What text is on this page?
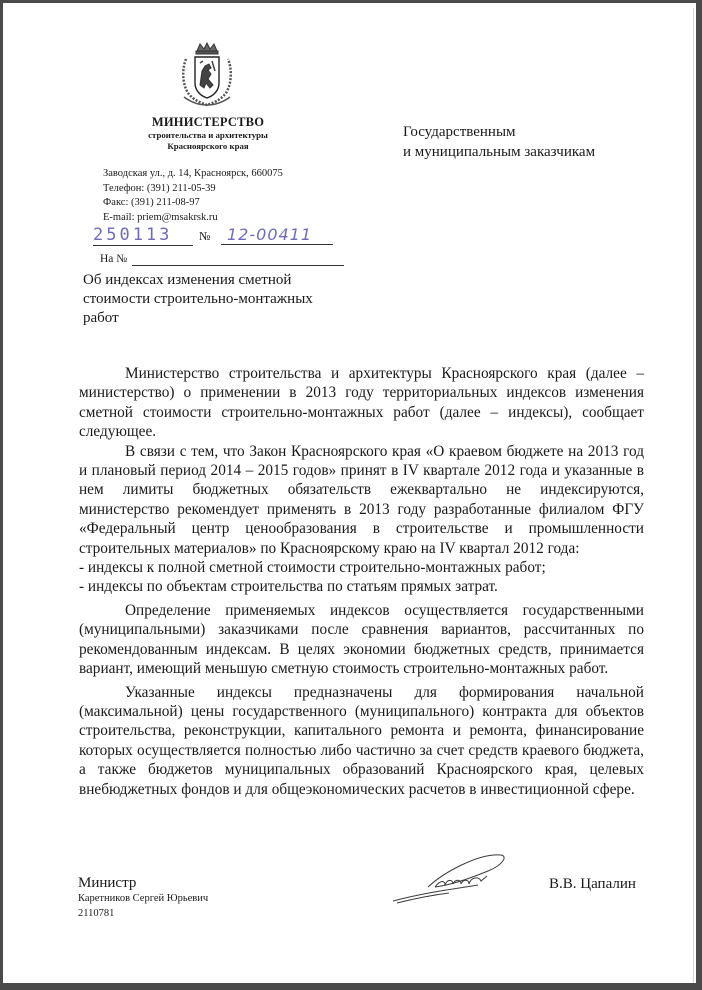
МИНИСТЕРСТВО
строительства и архитектуры
Красноярского края
Заводская ул., д. 14, Красноярск, 660075
Телефон: (391) 211-05-39
Факс: (391) 211-08-97
E-mail: priem@msakrsk.ru
250113	№	12-00411
На №
Об индексах изменения сметной стоимости строительно-монтажных работ
Государственным
и муниципальным заказчикам

Министерство строительства и архитектуры Красноярского края (далее – министерство) о применении в 2013 году территориальных индексов изменения сметной стоимости строительно-монтажных работ (далее – индексы), сообщает следующее.

В связи с тем, что Закон Красноярского края «О краевом бюджете на 2013 год и плановый период 2014 – 2015 годов» принят в IV квартале 2012 года и указанные в нем лимиты бюджетных обязательств ежеквартально не индексируются, министерство рекомендует применять в 2013 году разработанные филиалом ФГУ «Федеральный центр ценообразования в строительстве и промышленности строительных материалов» по Красноярскому краю на IV квартал 2012 года:

- индексы к полной сметной стоимости строительно-монтажных работ;

- индексы по объектам строительства по статьям прямых затрат.

Определение применяемых индексов осуществляется государственными (муниципальными) заказчиками после сравнения вариантов, рассчитанных по рекомендованным индексам. В целях экономии бюджетных средств, принимается вариант, имеющий меньшую сметную стоимость строительно-монтажных работ.

Указанные индексы предназначены для формирования начальной (максимальной) цены государственного (муниципального) контракта для объектов строительства, реконструкции, капитального ремонта и ремонта, финансирование которых осуществляется полностью либо частично за счет средств краевого бюджета, а также бюджетов муниципальных образований Красноярского края, целевых внебюджетных фондов и для общеэкономических расчетов в инвестиционной сфере.

Министр	В.В. Цапалин
Каретников Сергей Юрьевич
2110781
